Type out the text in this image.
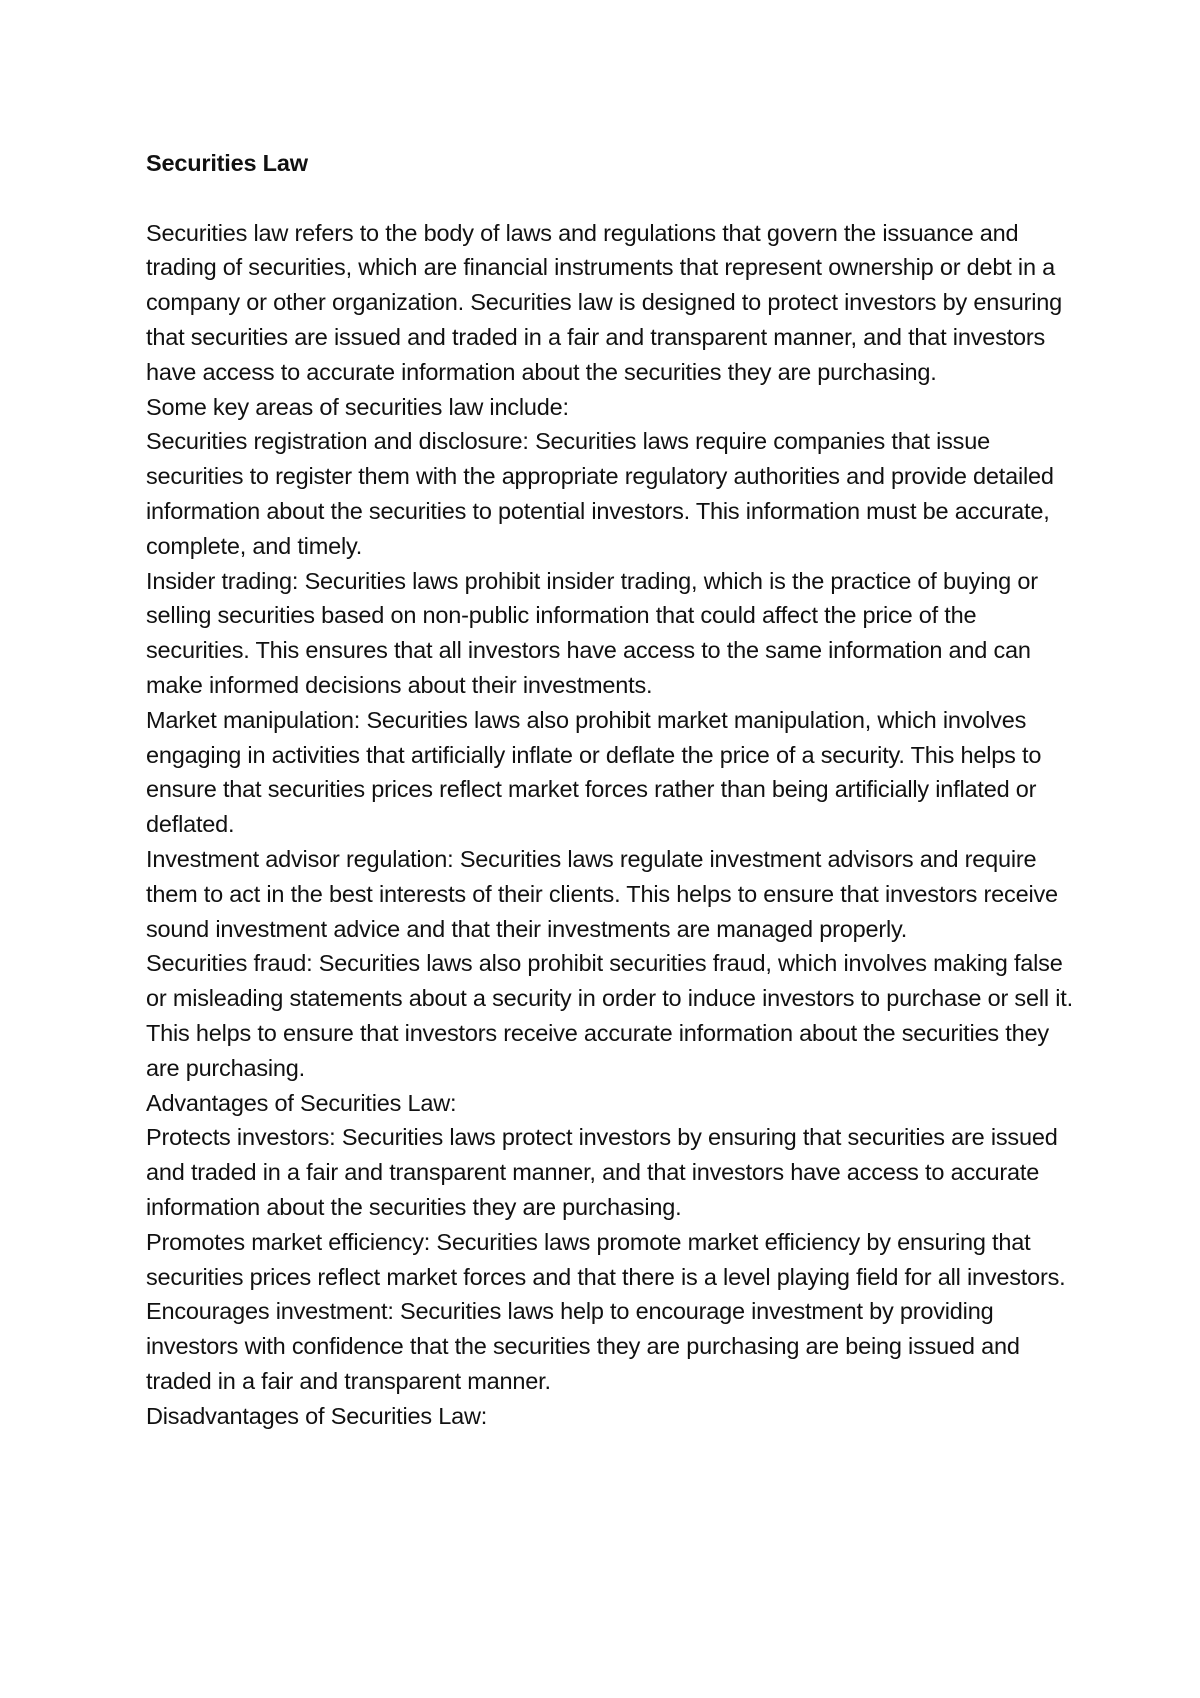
Securities Law

Securities law refers to the body of laws and regulations that govern the issuance and trading of securities, which are financial instruments that represent ownership or debt in a company or other organization. Securities law is designed to protect investors by ensuring that securities are issued and traded in a fair and transparent manner, and that investors have access to accurate information about the securities they are purchasing.

Some key areas of securities law include:

Securities registration and disclosure: Securities laws require companies that issue securities to register them with the appropriate regulatory authorities and provide detailed information about the securities to potential investors. This information must be accurate, complete, and timely.

Insider trading: Securities laws prohibit insider trading, which is the practice of buying or selling securities based on non-public information that could affect the price of the securities. This ensures that all investors have access to the same information and can make informed decisions about their investments.

Market manipulation: Securities laws also prohibit market manipulation, which involves engaging in activities that artificially inflate or deflate the price of a security. This helps to ensure that securities prices reflect market forces rather than being artificially inflated or deflated.

Investment advisor regulation: Securities laws regulate investment advisors and require them to act in the best interests of their clients. This helps to ensure that investors receive sound investment advice and that their investments are managed properly.

Securities fraud: Securities laws also prohibit securities fraud, which involves making false or misleading statements about a security in order to induce investors to purchase or sell it. This helps to ensure that investors receive accurate information about the securities they are purchasing.

Advantages of Securities Law:

Protects investors: Securities laws protect investors by ensuring that securities are issued and traded in a fair and transparent manner, and that investors have access to accurate information about the securities they are purchasing.

Promotes market efficiency: Securities laws promote market efficiency by ensuring that securities prices reflect market forces and that there is a level playing field for all investors.

Encourages investment: Securities laws help to encourage investment by providing investors with confidence that the securities they are purchasing are being issued and traded in a fair and transparent manner.

Disadvantages of Securities Law:
